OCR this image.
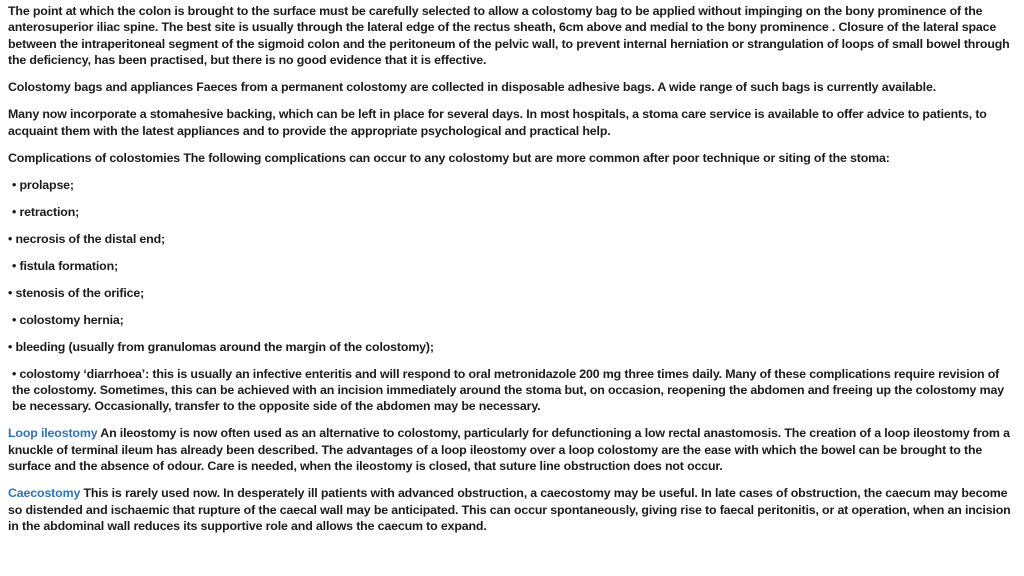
The point at which the colon is brought to the surface must be carefully selected to allow a colostomy bag to be applied without impinging on the bony prominence of the anterosuperior iliac spine. The best site is usually through the lateral edge of the rectus sheath, 6cm above and medial to the bony prominence . Closure of the lateral space between the intraperitoneal segment of the sigmoid colon and the peritoneum of the pelvic wall, to prevent internal herniation or strangulation of loops of small bowel through the deficiency, has been practised, but there is no good evidence that it is effective.

Colostomy bags and appliances Faeces from a permanent colostomy are collected in disposable adhesive bags. A wide range of such bags is currently available.

Many now incorporate a stomahesive backing, which can be left in place for several days. In most hospitals, a stoma care service is available to offer advice to patients, to acquaint them with the latest appliances and to provide the appropriate psychological and practical help.

Complications of colostomies The following complications can occur to any colostomy but are more common after poor technique or siting of the stoma:

• prolapse;

• retraction;

• necrosis of the distal end;

• fistula formation;

• stenosis of the orifice;

• colostomy hernia;

• bleeding (usually from granulomas around the margin of the colostomy);

• colostomy ‘diarrhoea’: this is usually an infective enteritis and will respond to oral metronidazole 200 mg three times daily. Many of these complications require revision of the colostomy. Sometimes, this can be achieved with an incision immediately around the stoma but, on occasion, reopening the abdomen and freeing up the colostomy may be necessary. Occasionally, transfer to the opposite side of the abdomen may be necessary.

Loop ileostomy An ileostomy is now often used as an alternative to colostomy, particularly for defunctioning a low rectal anastomosis. The creation of a loop ileostomy from a knuckle of terminal ileum has already been described. The advantages of a loop ileostomy over a loop colostomy are the ease with which the bowel can be brought to the surface and the absence of odour. Care is needed, when the ileostomy is closed, that suture line obstruction does not occur.

Caecostomy This is rarely used now. In desperately ill patients with advanced obstruction, a caecostomy may be useful. In late cases of obstruction, the caecum may become so distended and ischaemic that rupture of the caecal wall may be anticipated. This can occur spontaneously, giving rise to faecal peritonitis, or at operation, when an incision in the abdominal wall reduces its supportive role and allows the caecum to expand.
